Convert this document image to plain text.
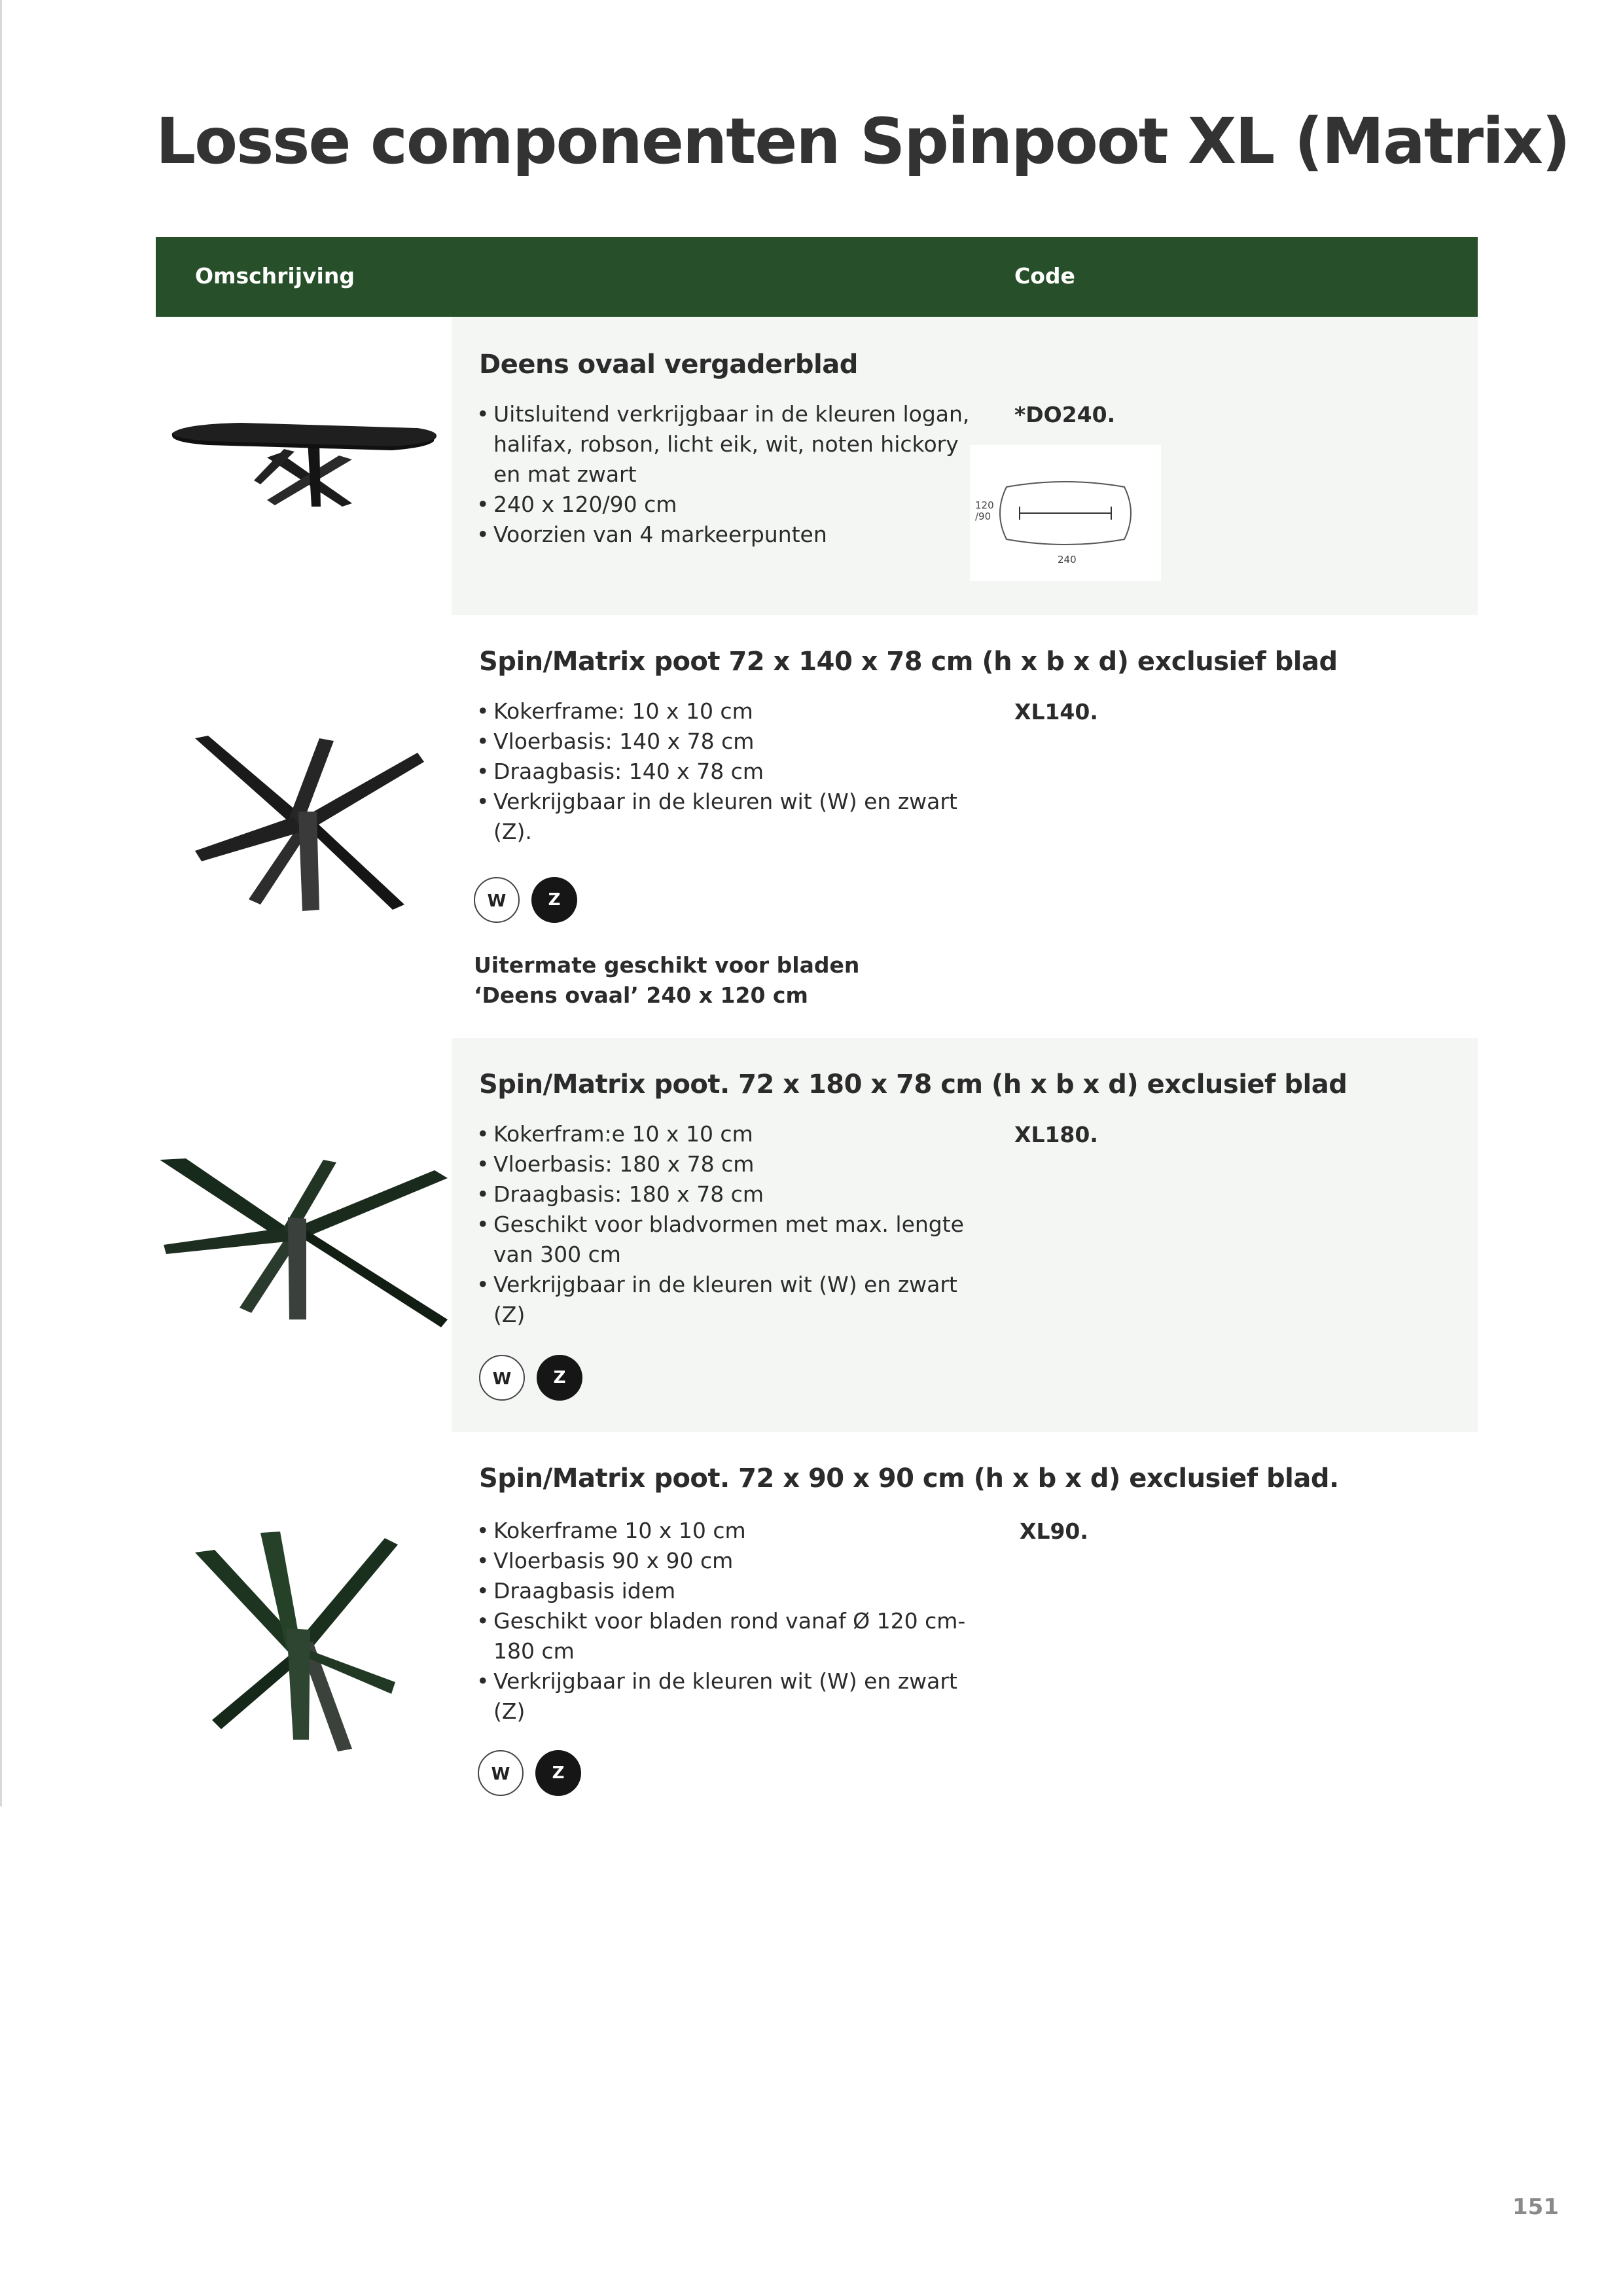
Losse componenten Spinpoot XL (Matrix)
Omschrijving	Code
Deens ovaal vergaderblad
• Uitsluitend verkrijgbaar in de kleuren logan, halifax, robson, licht eik, wit, noten hickory en mat zwart
• 240 x 120/90 cm
• Voorzien van 4 markeerpunten
*DO240.
120
/90
240
Spin/Matrix poot 72 x 140 x 78 cm (h x b x d) exclusief blad
• Kokerframe: 10 x 10 cm
• Vloerbasis: 140 x 78 cm
• Draagbasis: 140 x 78 cm
• Verkrijgbaar in de kleuren wit (W) en zwart (Z).
XL140.
W	Z
Uitermate geschikt voor bladen
‘Deens ovaal’ 240 x 120 cm
Spin/Matrix poot. 72 x 180 x 78 cm (h x b x d) exclusief blad
• Kokerfram:e 10 x 10 cm
• Vloerbasis: 180 x 78 cm
• Draagbasis: 180 x 78 cm
• Geschikt voor bladvormen met max. lengte van 300 cm
• Verkrijgbaar in de kleuren wit (W) en zwart (Z)
XL180.
W	Z
Spin/Matrix poot. 72 x 90 x 90 cm (h x b x d) exclusief blad.
• Kokerframe 10 x 10 cm
• Vloerbasis 90 x 90 cm
• Draagbasis idem
• Geschikt voor bladen rond vanaf Ø 120 cm-180 cm
• Verkrijgbaar in de kleuren wit (W) en zwart (Z)
XL90.
W	Z
151
